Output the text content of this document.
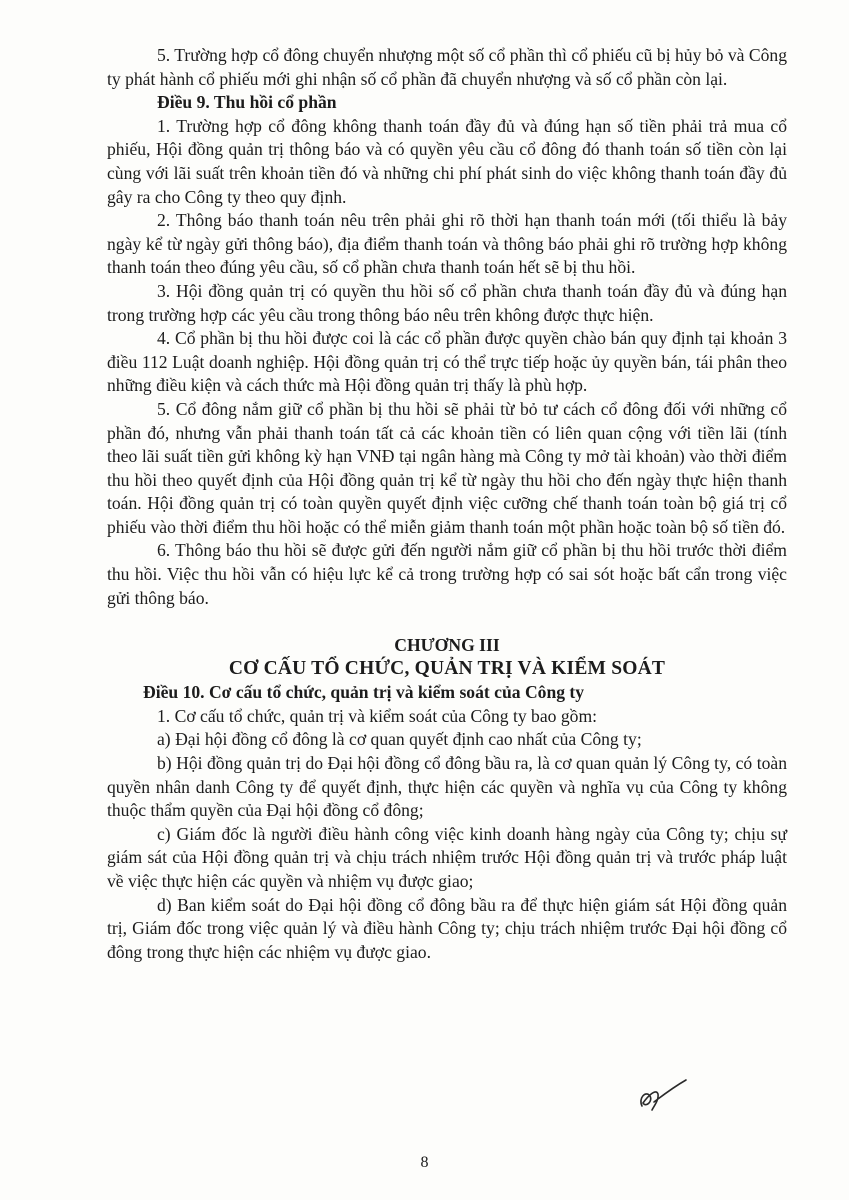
5. Trường hợp cổ đông chuyển nhượng một số cổ phần thì cổ phiếu cũ bị hủy bỏ và Công ty phát hành cổ phiếu mới ghi nhận số cổ phần đã chuyển nhượng và số cổ phần còn lại.

Điều 9. Thu hồi cổ phần

1. Trường hợp cổ đông không thanh toán đầy đủ và đúng hạn số tiền phải trả mua cổ phiếu, Hội đồng quản trị thông báo và có quyền yêu cầu cổ đông đó thanh toán số tiền còn lại cùng với lãi suất trên khoản tiền đó và những chi phí phát sinh do việc không thanh toán đầy đủ gây ra cho Công ty theo quy định.

2. Thông báo thanh toán nêu trên phải ghi rõ thời hạn thanh toán mới (tối thiểu là bảy ngày kể từ ngày gửi thông báo), địa điểm thanh toán và thông báo phải ghi rõ trường hợp không thanh toán theo đúng yêu cầu, số cổ phần chưa thanh toán hết sẽ bị thu hồi.

3. Hội đồng quản trị có quyền thu hồi số cổ phần chưa thanh toán đầy đủ và đúng hạn trong trường hợp các yêu cầu trong thông báo nêu trên không được thực hiện.

4. Cổ phần bị thu hồi được coi là các cổ phần được quyền chào bán quy định tại khoản 3 điều 112 Luật doanh nghiệp. Hội đồng quản trị có thể trực tiếp hoặc ủy quyền bán, tái phân theo những điều kiện và cách thức mà Hội đồng quản trị thấy là phù hợp.

5. Cổ đông nắm giữ cổ phần bị thu hồi sẽ phải từ bỏ tư cách cổ đông đối với những cổ phần đó, nhưng vẫn phải thanh toán tất cả các khoản tiền có liên quan cộng với tiền lãi (tính theo lãi suất tiền gửi không kỳ hạn VNĐ tại ngân hàng mà Công ty mở tài khoản) vào thời điểm thu hồi theo quyết định của Hội đồng quản trị kể từ ngày thu hồi cho đến ngày thực hiện thanh toán. Hội đồng quản trị có toàn quyền quyết định việc cưỡng chế thanh toán toàn bộ giá trị cổ phiếu vào thời điểm thu hồi hoặc có thể miễn giảm thanh toán một phần hoặc toàn bộ số tiền đó.

6. Thông báo thu hồi sẽ được gửi đến người nắm giữ cổ phần bị thu hồi trước thời điểm thu hồi. Việc thu hồi vẫn có hiệu lực kể cả trong trường hợp có sai sót hoặc bất cẩn trong việc gửi thông báo.

CHƯƠNG III

CƠ CẤU TỔ CHỨC, QUẢN TRỊ VÀ KIỂM SOÁT

Điều 10. Cơ cấu tổ chức, quản trị và kiểm soát của Công ty

1. Cơ cấu tổ chức, quản trị và kiểm soát của Công ty bao gồm:

a) Đại hội đồng cổ đông là cơ quan quyết định cao nhất của Công ty;

b) Hội đồng quản trị do Đại hội đồng cổ đông bầu ra, là cơ quan quản lý Công ty, có toàn quyền nhân danh Công ty để quyết định, thực hiện các quyền và nghĩa vụ của Công ty không thuộc thẩm quyền của Đại hội đồng cổ đông;

c) Giám đốc là người điều hành công việc kinh doanh hàng ngày của Công ty; chịu sự giám sát của Hội đồng quản trị và chịu trách nhiệm trước Hội đồng quản trị và trước pháp luật về việc thực hiện các quyền và nhiệm vụ được giao;

d) Ban kiểm soát do Đại hội đồng cổ đông bầu ra để thực hiện giám sát Hội đồng quản trị, Giám đốc trong việc quản lý và điều hành Công ty; chịu trách nhiệm trước Đại hội đồng cổ đông trong thực hiện các nhiệm vụ được giao.

8
